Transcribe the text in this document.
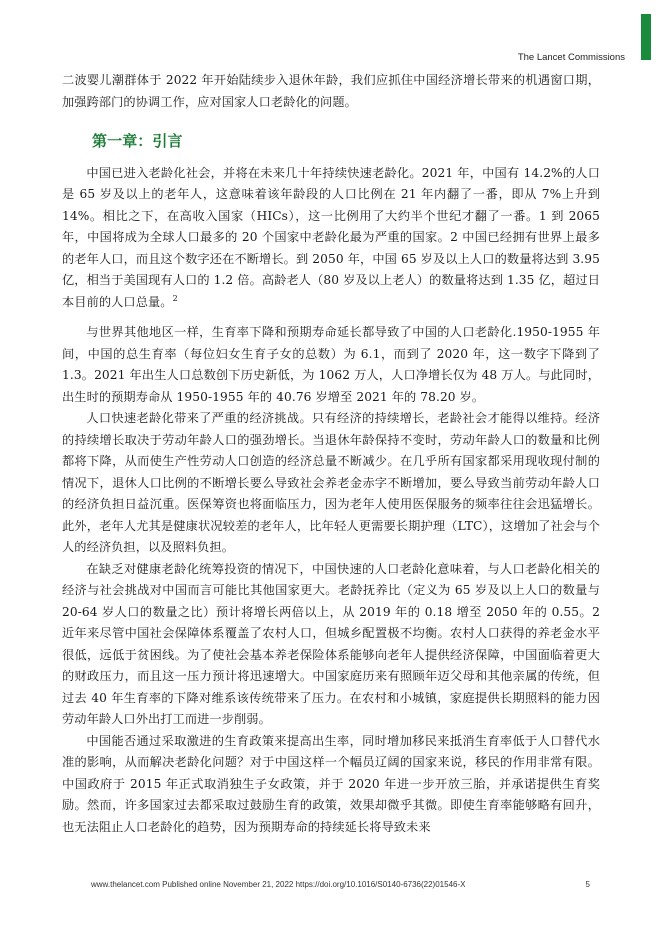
The Lancet Commissions

二波婴儿潮群体于 2022 年开始陆续步入退休年龄，我们应抓住中国经济增长带来的机遇窗口期，加强跨部门的协调工作，应对国家人口老龄化的问题。

第一章：引言

中国已进入老龄化社会，并将在未来几十年持续快速老龄化。2021 年，中国有 14.2%的人口是 65 岁及以上的老年人，这意味着该年龄段的人口比例在 21 年内翻了一番，即从 7%上升到 14%。相比之下，在高收入国家（HICs），这一比例用了大约半个世纪才翻了一番。1 到 2065 年，中国将成为全球人口最多的 20 个国家中老龄化最为严重的国家。2 中国已经拥有世界上最多的老年人口，而且这个数字还在不断增长。到 2050 年，中国 65 岁及以上人口的数量将达到 3.95 亿，相当于美国现有人口的 1.2 倍。高龄老人（80 岁及以上老人）的数量将达到 1.35 亿，超过日本目前的人口总量。$^2$

与世界其他地区一样，生育率下降和预期寿命延长都导致了中国的人口老龄化.1950-1955 年间，中国的总生育率（每位妇女生育子女的总数）为 6.1，而到了 2020 年，这一数字下降到了 1.3。2021 年出生人口总数创下历史新低，为 1062 万人，人口净增长仅为 48 万人。与此同时，出生时的预期寿命从 1950-1955 年的 40.76 岁增至 2021 年的 78.20 岁。

人口快速老龄化带来了严重的经济挑战。只有经济的持续增长，老龄社会才能得以维持。经济的持续增长取决于劳动年龄人口的强劲增长。当退休年龄保持不变时，劳动年龄人口的数量和比例都将下降，从而使生产性劳动人口创造的经济总量不断减少。在几乎所有国家都采用现收现付制的情况下，退休人口比例的不断增长要么导致社会养老金赤字不断增加，要么导致当前劳动年龄人口的经济负担日益沉重。医保筹资也将面临压力，因为老年人使用医保服务的频率往往会迅猛增长。此外，老年人尤其是健康状况较差的老年人，比年轻人更需要长期护理（LTC），这增加了社会与个人的经济负担，以及照料负担。

在缺乏对健康老龄化统筹投资的情况下，中国快速的人口老龄化意味着，与人口老龄化相关的经济与社会挑战对中国而言可能比其他国家更大。老龄抚养比（定义为 65 岁及以上人口的数量与 20-64 岁人口的数量之比）预计将增长两倍以上，从 2019 年的 0.18 增至 2050 年的 0.55。2 近年来尽管中国社会保障体系覆盖了农村人口，但城乡配置极不均衡。农村人口获得的养老金水平很低，远低于贫困线。为了使社会基本养老保险体系能够向老年人提供经济保障，中国面临着更大的财政压力，而且这一压力预计将迅速增大。中国家庭历来有照顾年迈父母和其他亲属的传统，但过去 40 年生育率的下降对维系该传统带来了压力。在农村和小城镇，家庭提供长期照料的能力因劳动年龄人口外出打工而进一步削弱。

中国能否通过采取激进的生育政策来提高出生率，同时增加移民来抵消生育率低于人口替代水准的影响，从而解决老龄化问题？对于中国这样一个幅员辽阔的国家来说，移民的作用非常有限。中国政府于 2015 年正式取消独生子女政策，并于 2020 年进一步开放三胎，并承诺提供生育奖励。然而，许多国家过去都采取过鼓励生育的政策，效果却微乎其微。即使生育率能够略有回升，也无法阻止人口老龄化的趋势，因为预期寿命的持续延长将导致未来

www.thelancet.com Published online November 21, 2022 https://doi.org/10.1016/S0140-6736(22)01546-X	5
